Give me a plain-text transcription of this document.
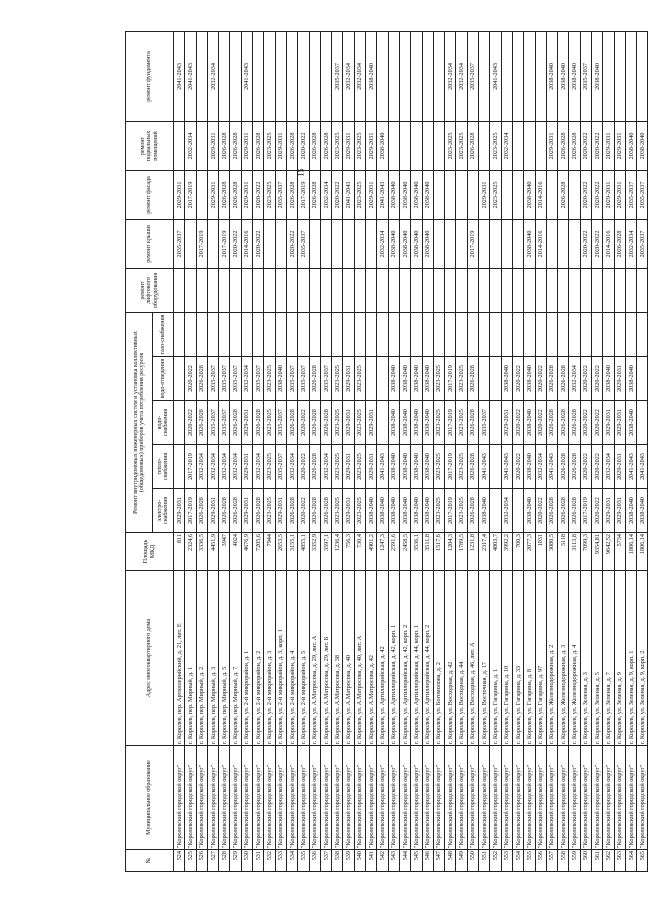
15
№	Муниципальное образование	Адрес многоквартирного дома	Площадь МКД	Ремонт внутридомовых инженерных систем и установка коллективных (общедомовых) приборов учета потребления ресурсов					ремонт лифтового оборудования	ремонт крыши	ремонт фасада	ремонт подвальных помещений	ремонт фундамента
				электро-снабжения	тепло-снабжения	водо-снабжения	водо-отведения	газо-снабжения					
524	"Королевский городской округ"	г. Королев, пер. Артиллерийский, д. 21, лит. Е	811	2029-2031						2035-2037	2029-2031		2041-2043
525	"Королевский городской округ"	г. Королев, пер. Мирный, д. 1	2324,6	2017-2019	2017-2019	2020-2022	2020-2022				2017-2019	2032-2034	2041-2043
526	"Королевский городской округ"	г. Королев, пер. Мирный, д. 2	3336,5	2026-2028	2032-2034	2026-2028	2026-2028			2017-2019			
527	"Королевский городской округ"	г. Королев, пер. Мирный, д. 3	4451,9	2029-2031	2032-2034	2035-2037	2035-2037				2029-2031	2029-2031	2032-2034
528	"Королевский городской округ"	г. Королев, пер. Мирный, д. 5	3947	2026-2028	2032-2034	2035-2037	2035-2037			2017-2019	2026-2028	2026-2028	
529	"Королевский городской округ"	г. Королев, пер. Мирный, д. 7	4024	2026-2028	2032-2034	2026-2028	2035-2037			2020-2022	2026-2028	2026-2028	
530	"Королевский городской округ"	г. Королев, ул. 2-й микрорайон, д. 1	4676,9	2029-2031	2029-2031	2029-2031	2032-2034			2014-2016	2029-2031	2029-2031	2041-2043
531	"Королевский городской округ"	г. Королев, ул. 2-й микрорайон, д. 2	7205,6	2026-2028	2032-2034	2026-2028	2035-2037			2020-2022	2020-2022	2026-2028	
532	"Королевский городской округ"	г. Королев, ул. 2-й микрорайон, д. 3	7944	2023-2025	2023-2025	2023-2025	2023-2025				2023-2025	2023-2025	
533	"Королевский городской округ"	г. Королев, ул. 2-й микрорайон, д. 3, корп. 1	2653,5	2029-2031	2035-2037	2035-2037	2038-2040				2035-2037	2029-2031	
534	"Королевский городской округ"	г. Королев, ул. 2-й микрорайон, д. 4	3155,1	2026-2028	2032-2034	2026-2028	2035-2037			2020-2022	2026-2028	2026-2028	
535	"Королевский городской округ"	г. Королев, ул. 2-й микрорайон, д. 5	4855,1	2020-2022	2020-2022	2020-2022	2035-2037			2035-2037	2017-2019	2020-2022	
536	"Королевский городской округ"	г. Королев, ул. А.Матросова, д. 29, лит. А	3352,9	2026-2028	2026-2028	2026-2028	2026-2028				2026-2028	2026-2028	
537	"Королевский городской округ"	г. Королев, ул. А.Матросова, д. 29, лит. Б	3597,1	2026-2028	2032-2034	2026-2028	2035-2037				2032-2034	2026-2028	
538	"Королевский городской округ"	г. Королев, ул. А.Матросова, д. 38	1236,4	2023-2025	2023-2025	2023-2025	2023-2025				2020-2022	2023-2025	2035-2037
539	"Королевский городской округ"	г. Королев, ул. А.Матросова, д. 40	756,3	2029-2031	2029-2031	2029-2031	2029-2031				2041-2043	2029-2031	2032-2034
540	"Королевский городской округ"	г. Королев, ул. А.Матросова, д. 40, лит. А	730,4	2023-2025	2023-2025	2023-2025	2023-2025				2023-2025	2023-2025	2032-2034
541	"Королевский городской округ"	г. Королев, ул. А.Матросова, д. 42	4901,2	2038-2040	2029-2031	2029-2031					2029-2031	2029-2031	2038-2040
542	"Королевский городской округ"	г. Королев, ул. Артиллерийская, д. 42	1247,3	2038-2040	2041-2043					2032-2034	2041-2043	2038-2040	
543	"Королевский городской округ"	г. Королев, ул. Артиллерийская, д. 42, корп. 1	2591,6	2038-2040	2038-2040	2038-2040	2038-2040			2038-2040	2038-2040		
544	"Королевский городской округ"	г. Королев, ул. Артиллерийская, д. 42, корп. 2	2458,5	2038-2040	2038-2040	2038-2040	2038-2040			2038-2040	2038-2040		
545	"Королевский городской округ"	г. Королев, ул. Артиллерийская, д. 44, корп. 1	3536,1	2038-2040	2038-2040	2038-2040	2038-2040			2038-2040	2038-2040		
546	"Королевский городской округ"	г. Королев, ул. Артиллерийская, д. 44, корп. 2	3511,8	2038-2040	2038-2040	2038-2040	2038-2040			2038-2040	2038-2040		
547	"Королевский городской округ"	г. Королев, ул. Богомолова, д. 2	1517,6	2023-2025	2023-2025	2023-2025	2023-2025						
548	"Королевский городской округ"	г. Королев, ул. Восходная, д. 42	1204,3	2017-2019	2017-2019	2017-2019	2017-2019					2023-2025	2032-2034
549	"Королевский городской округ"	г. Королев, ул. Восходная, д. 44	1789,5	2023-2025	2023-2025	2023-2025	2023-2025					2023-2025	2032-2034
550	"Королевский городской округ"	г. Королев, ул. Восходная, д. 46, лит. А	1231,8	2026-2028	2026-2028	2026-2028	2026-2028			2017-2019		2026-2028	2035-2037
551	"Королевский городской округ"	г. Королев, ул. Восточная, д. 17	2317,4	2038-2040	2041-2043	2035-2037					2029-2031		
552	"Королевский городской округ"	г. Королев, ул. Гагарина, д. 1	4803,7								2023-2025	2023-2025	2041-2043
553	"Королевский городской округ"	г. Королев, ул. Гагарина, д. 10	3992,2	2032-2034	2041-2043	2029-2031	2038-2040					2032-2034	
554	"Королевский городской округ"	г. Королев, ул. Гагарина, д. 33	700,3		2020-2022	2020-2022	2020-2022						
555	"Королевский городской округ"	г. Королев, ул. Гагарина, д. 8	2077,3	2038-2040	2038-2040	2038-2040	2038-2040			2038-2040	2038-2040		
556	"Королевский городской округ"	г. Королев, ул. Гагарина, д. 97	1031	2020-2022	2032-2034	2020-2022	2020-2022			2014-2016	2014-2016		
557	"Королевский городской округ"	г. Королев, ул. Железнодорожная, д. 2	3080,5	2026-2028	2041-2043	2026-2028	2026-2028					2029-2031	2038-2040
558	"Королевский городской округ"	г. Королев, ул. Железнодорожная, д. 3	3118	2026-2028	2026-2028	2026-2028	2026-2028				2026-2028	2026-2028	2038-2040
559	"Королевский городской округ"	г. Королев, ул. Железнодорожная, д. 4	3113,8	2026-2028	2026-2028	2026-2028	2032-2034					2026-2028	2038-2040
560	"Королевский городской округ"	г. Королев, ул. Зеленая, д. 3	7099,3	2017-2019	2020-2022	2020-2022	2020-2022			2020-2022	2020-2022	2020-2022	2035-2037
561	"Королевский городской округ"	г. Королев, ул. Зеленая, д. 5	9354,81	2020-2022	2020-2022	2020-2022	2020-2022			2020-2022	2020-2022	2020-2022	2038-2040
562	"Королевский городской округ"	г. Королев, ул. Зеленая, д. 7	9642,52	2029-2031	2032-2034	2029-2031	2038-2040			2014-2016	2029-2031	2029-2031	
563	"Королевский городской округ"	г. Королев, ул. Зеленая, д. 9	5734	2029-2031	2029-2031	2029-2031	2029-2031			2026-2028	2029-2031	2029-2031	
564	"Королевский городской округ"	г. Королев, ул. Зеленая, д. 9, корп. 1	1806,14	2038-2040	2041-2043	2038-2040	2038-2040			2032-2034	2035-2037	2038-2040	
565	"Королевский городской округ"	г. Королев, ул. Зеленая, д. 9, корп. 2	1806,14	2038-2040	2041-2043					2035-2037	2035-2037	2038-2040	
